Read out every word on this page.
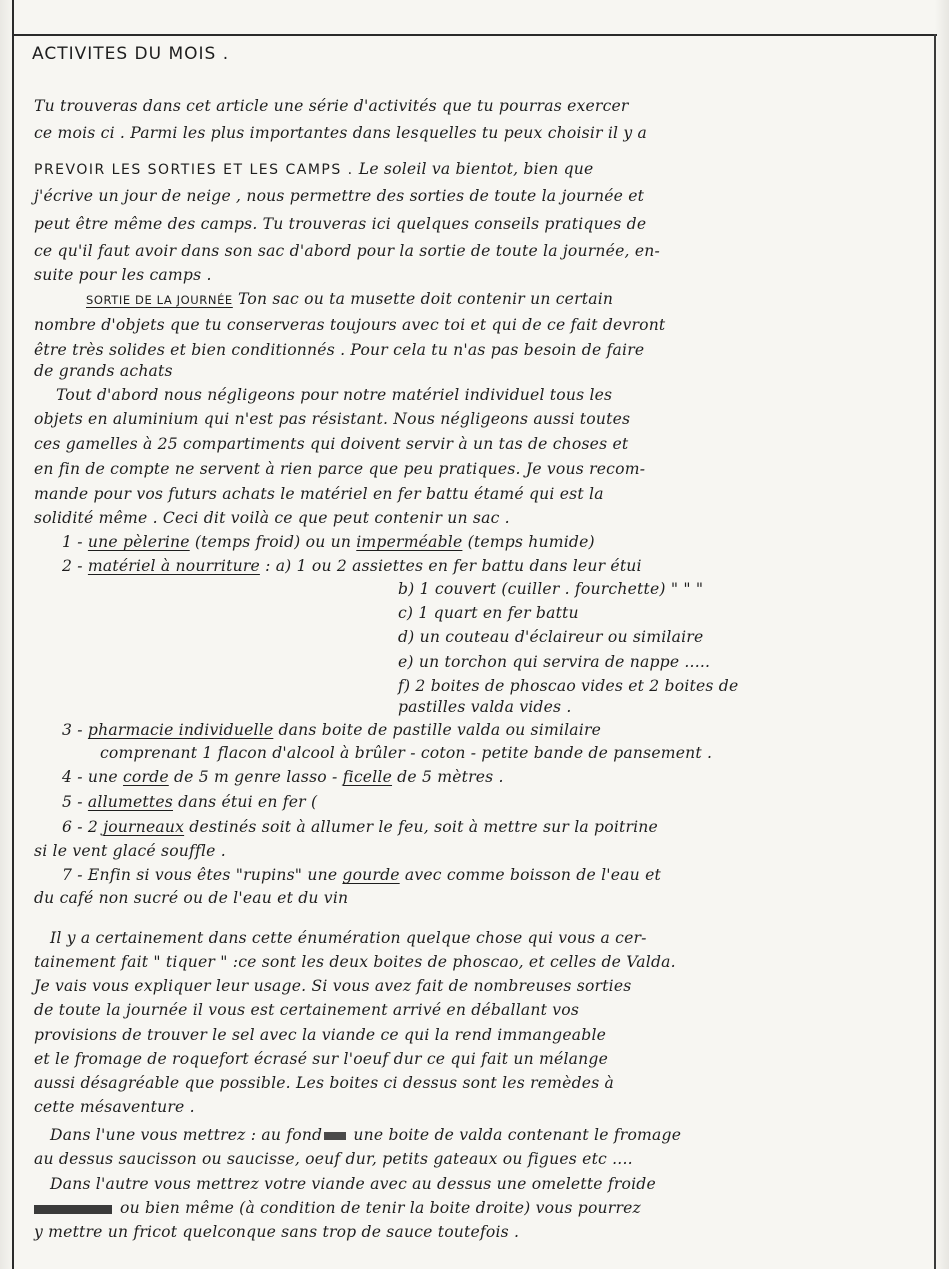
ACTIVITES DU MOIS .
Tu trouveras dans cet article une série d'activités que tu pourras exercer
ce mois ci . Parmi les plus importantes dans lesquelles tu peux choisir il y a
PREVOIR LES SORTIES ET LES CAMPS . Le soleil va bientot, bien que
j'écrive un jour de neige , nous permettre des sorties de toute la journée et
peut être même des camps. Tu trouveras ici quelques conseils pratiques de
ce qu'il faut avoir dans son sac d'abord pour la sortie de toute la journée, en-
suite pour les camps .
SORTIE DE LA JOURNÉE Ton sac ou ta musette doit contenir un certain
nombre d'objets que tu conserveras toujours avec toi et qui de ce fait devront
être très solides et bien conditionnés . Pour cela tu n'as pas besoin de faire
de grands achats
Tout d'abord nous négligeons pour notre matériel individuel tous les
objets en aluminium qui n'est pas résistant. Nous négligeons aussi toutes
ces gamelles à 25 compartiments qui doivent servir à un tas de choses et
en fin de compte ne servent à rien parce que peu pratiques. Je vous recom-
mande pour vos futurs achats le matériel en fer battu étamé qui est la
solidité même . Ceci dit voilà ce que peut contenir un sac .
1 - une pèlerine (temps froid) ou un imperméable (temps humide)
2 - matériel à nourriture : a) 1 ou 2 assiettes en fer battu dans leur étui
b) 1 couvert (cuiller . fourchette) " " "
c) 1 quart en fer battu
d) un couteau d'éclaireur ou similaire
e) un torchon qui servira de nappe .....
f) 2 boites de phoscao vides et 2 boites de
pastilles valda vides .
3 - pharmacie individuelle dans boite de pastille valda ou similaire
comprenant 1 flacon d'alcool à brûler - coton - petite bande de pansement .
4 - une corde de 5 m genre lasso - ficelle de 5 mètres .
5 - allumettes dans étui en fer (
6 - 2 journeaux destinés soit à allumer le feu, soit à mettre sur la poitrine
si le vent glacé souffle .
7 - Enfin si vous êtes "rupins" une gourde avec comme boisson de l'eau et
du café non sucré ou de l'eau et du vin
Il y a certainement dans cette énumération quelque chose qui vous a cer-
tainement fait " tiquer " :ce sont les deux boites de phoscao, et celles de Valda.
Je vais vous expliquer leur usage. Si vous avez fait de nombreuses sorties
de toute la journée il vous est certainement arrivé en déballant vos
provisions de trouver le sel avec la viande ce qui la rend immangeable
et le fromage de roquefort écrasé sur l'oeuf dur ce qui fait un mélange
aussi désagréable que possible. Les boites ci dessus sont les remèdes à
cette mésaventure .
Dans l'une vous mettrez : au fond une boite de valda contenant le fromage
au dessus saucisson ou saucisse, oeuf dur, petits gateaux ou figues etc ....
Dans l'autre vous mettrez votre viande avec au dessus une omelette froide
ou bien même (à condition de tenir la boite droite) vous pourrez
y mettre un fricot quelconque sans trop de sauce toutefois .
